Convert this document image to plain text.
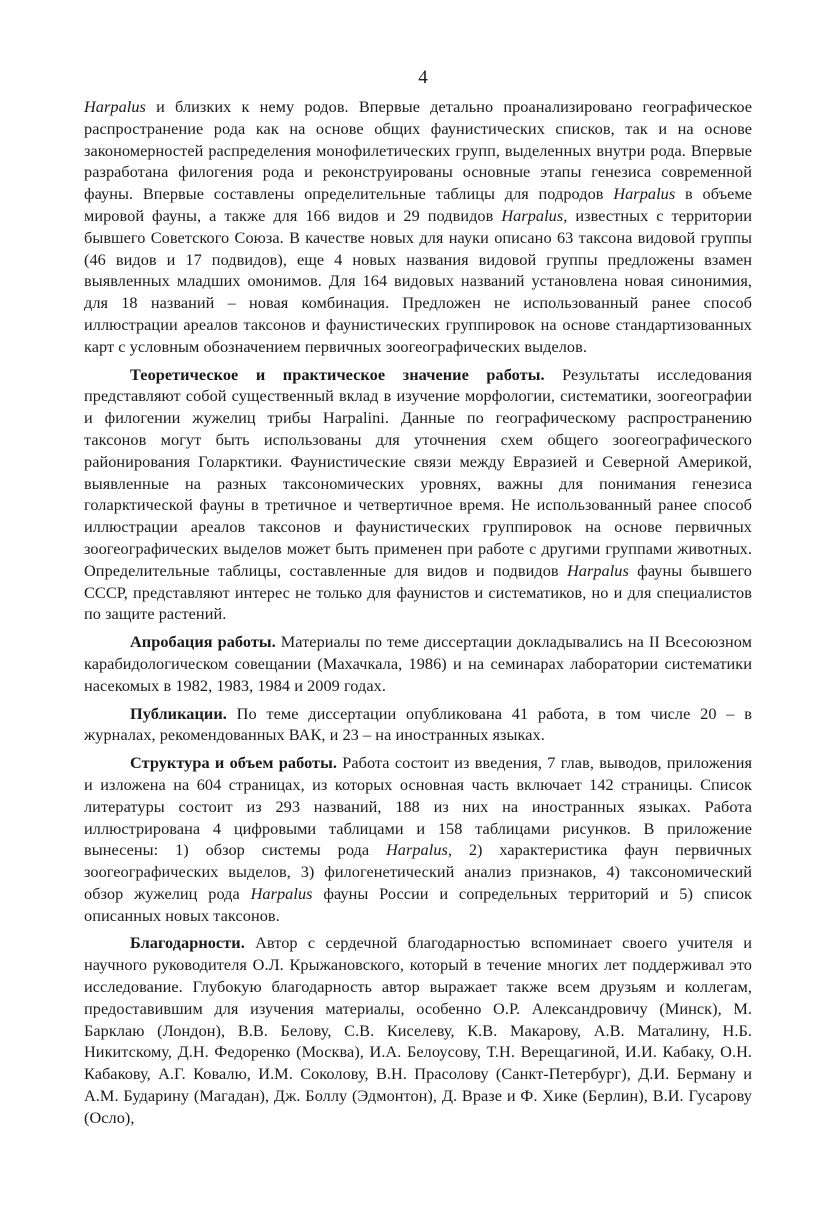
4

Harpalus и близких к нему родов. Впервые детально проанализировано географическое распространение рода как на основе общих фаунистических списков, так и на основе закономерностей распределения монофилетических групп, выделенных внутри рода. Впервые разработана филогения рода и реконструированы основные этапы генезиса современной фауны. Впервые составлены определительные таблицы для подродов Harpalus в объеме мировой фауны, а также для 166 видов и 29 подвидов Harpalus, известных с территории бывшего Советского Союза. В качестве новых для науки описано 63 таксона видовой группы (46 видов и 17 подвидов), еще 4 новых названия видовой группы предложены взамен выявленных младших омонимов. Для 164 видовых названий установлена новая синонимия, для 18 названий – новая комбинация. Предложен не использованный ранее способ иллюстрации ареалов таксонов и фаунистических группировок на основе стандартизованных карт с условным обозначением первичных зоогеографических выделов.

Теоретическое и практическое значение работы. Результаты исследования представляют собой существенный вклад в изучение морфологии, систематики, зоогеографии и филогении жужелиц трибы Harpalini. Данные по географическому распространению таксонов могут быть использованы для уточнения схем общего зоогеографического районирования Голарктики. Фаунистические связи между Евразией и Северной Америкой, выявленные на разных таксономических уровнях, важны для понимания генезиса голарктической фауны в третичное и четвертичное время. Не использованный ранее способ иллюстрации ареалов таксонов и фаунистических группировок на основе первичных зоогеографических выделов может быть применен при работе с другими группами животных. Определительные таблицы, составленные для видов и подвидов Harpalus фауны бывшего СССР, представляют интерес не только для фаунистов и систематиков, но и для специалистов по защите растений.

Апробация работы. Материалы по теме диссертации докладывались на II Всесоюзном карабидологическом совещании (Махачкала, 1986) и на семинарах лаборатории систематики насекомых в 1982, 1983, 1984 и 2009 годах.

Публикации. По теме диссертации опубликована 41 работа, в том числе 20 – в журналах, рекомендованных ВАК, и 23 – на иностранных языках.

Структура и объем работы. Работа состоит из введения, 7 глав, выводов, приложения и изложена на 604 страницах, из которых основная часть включает 142 страницы. Список литературы состоит из 293 названий, 188 из них на иностранных языках. Работа иллюстрирована 4 цифровыми таблицами и 158 таблицами рисунков. В приложение вынесены: 1) обзор системы рода Harpalus, 2) характеристика фаун первичных зоогеографических выделов, 3) филогенетический анализ признаков, 4) таксономический обзор жужелиц рода Harpalus фауны России и сопредельных территорий и 5) список описанных новых таксонов.

Благодарности. Автор с сердечной благодарностью вспоминает своего учителя и научного руководителя О.Л. Крыжановского, который в течение многих лет поддерживал это исследование. Глубокую благодарность автор выражает также всем друзьям и коллегам, предоставившим для изучения материалы, особенно О.Р. Александровичу (Минск), М. Барклаю (Лондон), В.В. Белову, С.В. Киселеву, К.В. Макарову, А.В. Маталину, Н.Б. Никитскому, Д.Н. Федоренко (Москва), И.А. Белоусову, Т.Н. Верещагиной, И.И. Кабаку, О.Н. Кабакову, А.Г. Ковалю, И.М. Соколову, В.Н. Прасолову (Санкт-Петербург), Д.И. Берману и А.М. Бударину (Магадан), Дж. Боллу (Эдмонтон), Д. Вразе и Ф. Хике (Берлин), В.И. Гусарову (Осло),
